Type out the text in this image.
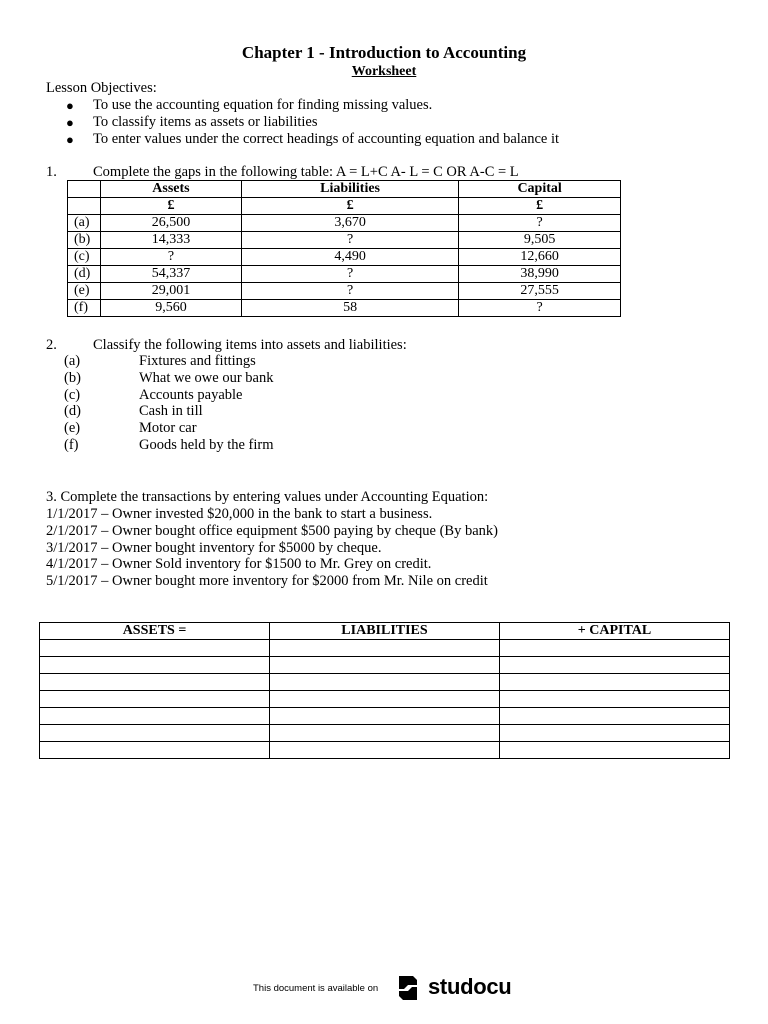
Chapter 1 - Introduction to Accounting
Worksheet
Lesson Objectives:
● To use the accounting equation for finding missing values.
● To classify items as assets or liabilities
● To enter values under the correct headings of accounting equation and balance it
1. Complete the gaps in the following table: A = L+C A- L = C OR A-C = L
	Assets	Liabilities	Capital
	£	£	£
(a)	26,500	3,670	?
(b)	14,333	?	9,505
(c)	?	4,490	12,660
(d)	54,337	?	38,990
(e)	29,001	?	27,555
(f)	9,560	58	?
2. Classify the following items into assets and liabilities:
(a)	Fixtures and fittings
(b)	What we owe our bank
(c)	Accounts payable
(d)	Cash in till
(e)	Motor car
(f)	Goods held by the firm
3. Complete the transactions by entering values under Accounting Equation:
1/1/2017 – Owner invested $20,000 in the bank to start a business.
2/1/2017 – Owner bought office equipment $500 paying by cheque (By bank)
3/1/2017 – Owner bought inventory for $5000 by cheque.
4/1/2017 – Owner Sold inventory for $1500 to Mr. Grey on credit.
5/1/2017 – Owner bought more inventory for $2000 from Mr. Nile on credit
ASSETS =	LIABILITIES	+ CAPITAL

This document is available on studocu
